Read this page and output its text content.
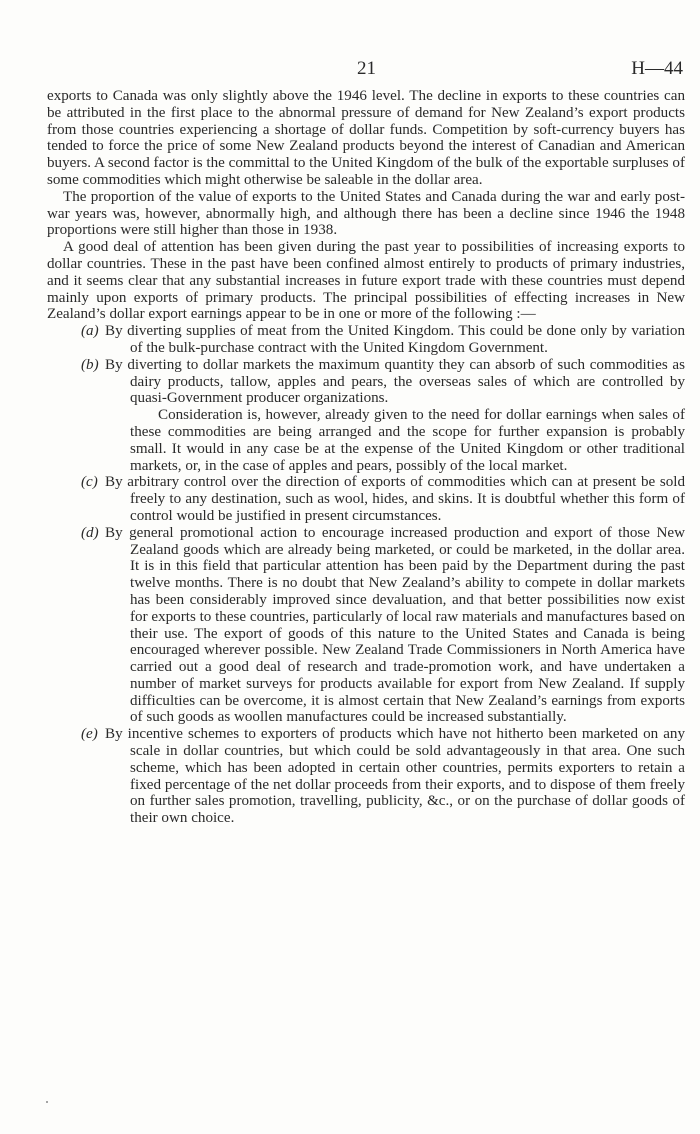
21	H—44

exports to Canada was only slightly above the 1946 level. The decline in exports to these countries can be attributed in the first place to the abnormal pressure of demand for New Zealand’s export products from those countries experiencing a shortage of dollar funds. Competition by soft-currency buyers has tended to force the price of some New Zealand products beyond the interest of Canadian and American buyers. A second factor is the committal to the United Kingdom of the bulk of the exportable surpluses of some commodities which might otherwise be saleable in the dollar area.

The proportion of the value of exports to the United States and Canada during the war and early post-war years was, however, abnormally high, and although there has been a decline since 1946 the 1948 proportions were still higher than those in 1938.

A good deal of attention has been given during the past year to possibilities of increasing exports to dollar countries. These in the past have been confined almost entirely to products of primary industries, and it seems clear that any substantial increases in future export trade with these countries must depend mainly upon exports of primary products. The principal possibilities of effecting increases in New Zealand’s dollar export earnings appear to be in one or more of the following :—

(a) By diverting supplies of meat from the United Kingdom. This could be done only by variation of the bulk-purchase contract with the United Kingdom Government.

(b) By diverting to dollar markets the maximum quantity they can absorb of such commodities as dairy products, tallow, apples and pears, the overseas sales of which are controlled by quasi-Government producer organizations.

Consideration is, however, already given to the need for dollar earnings when sales of these commodities are being arranged and the scope for further expansion is probably small. It would in any case be at the expense of the United Kingdom or other traditional markets, or, in the case of apples and pears, possibly of the local market.

(c) By arbitrary control over the direction of exports of commodities which can at present be sold freely to any destination, such as wool, hides, and skins. It is doubtful whether this form of control would be justified in present circumstances.

(d) By general promotional action to encourage increased production and export of those New Zealand goods which are already being marketed, or could be marketed, in the dollar area. It is in this field that particular attention has been paid by the Department during the past twelve months. There is no doubt that New Zealand’s ability to compete in dollar markets has been considerably improved since devaluation, and that better possibilities now exist for exports to these countries, particularly of local raw materials and manufactures based on their use. The export of goods of this nature to the United States and Canada is being encouraged wherever possible. New Zealand Trade Commissioners in North America have carried out a good deal of research and trade-promotion work, and have undertaken a number of market surveys for products available for export from New Zealand. If supply difficulties can be overcome, it is almost certain that New Zealand’s earnings from exports of such goods as woollen manufactures could be increased substantially.

(e) By incentive schemes to exporters of products which have not hitherto been marketed on any scale in dollar countries, but which could be sold advantageously in that area. One such scheme, which has been adopted in certain other countries, permits exporters to retain a fixed percentage of the net dollar proceeds from their exports, and to dispose of them freely on further sales promotion, travelling, publicity, &c., or on the purchase of dollar goods of their own choice.
